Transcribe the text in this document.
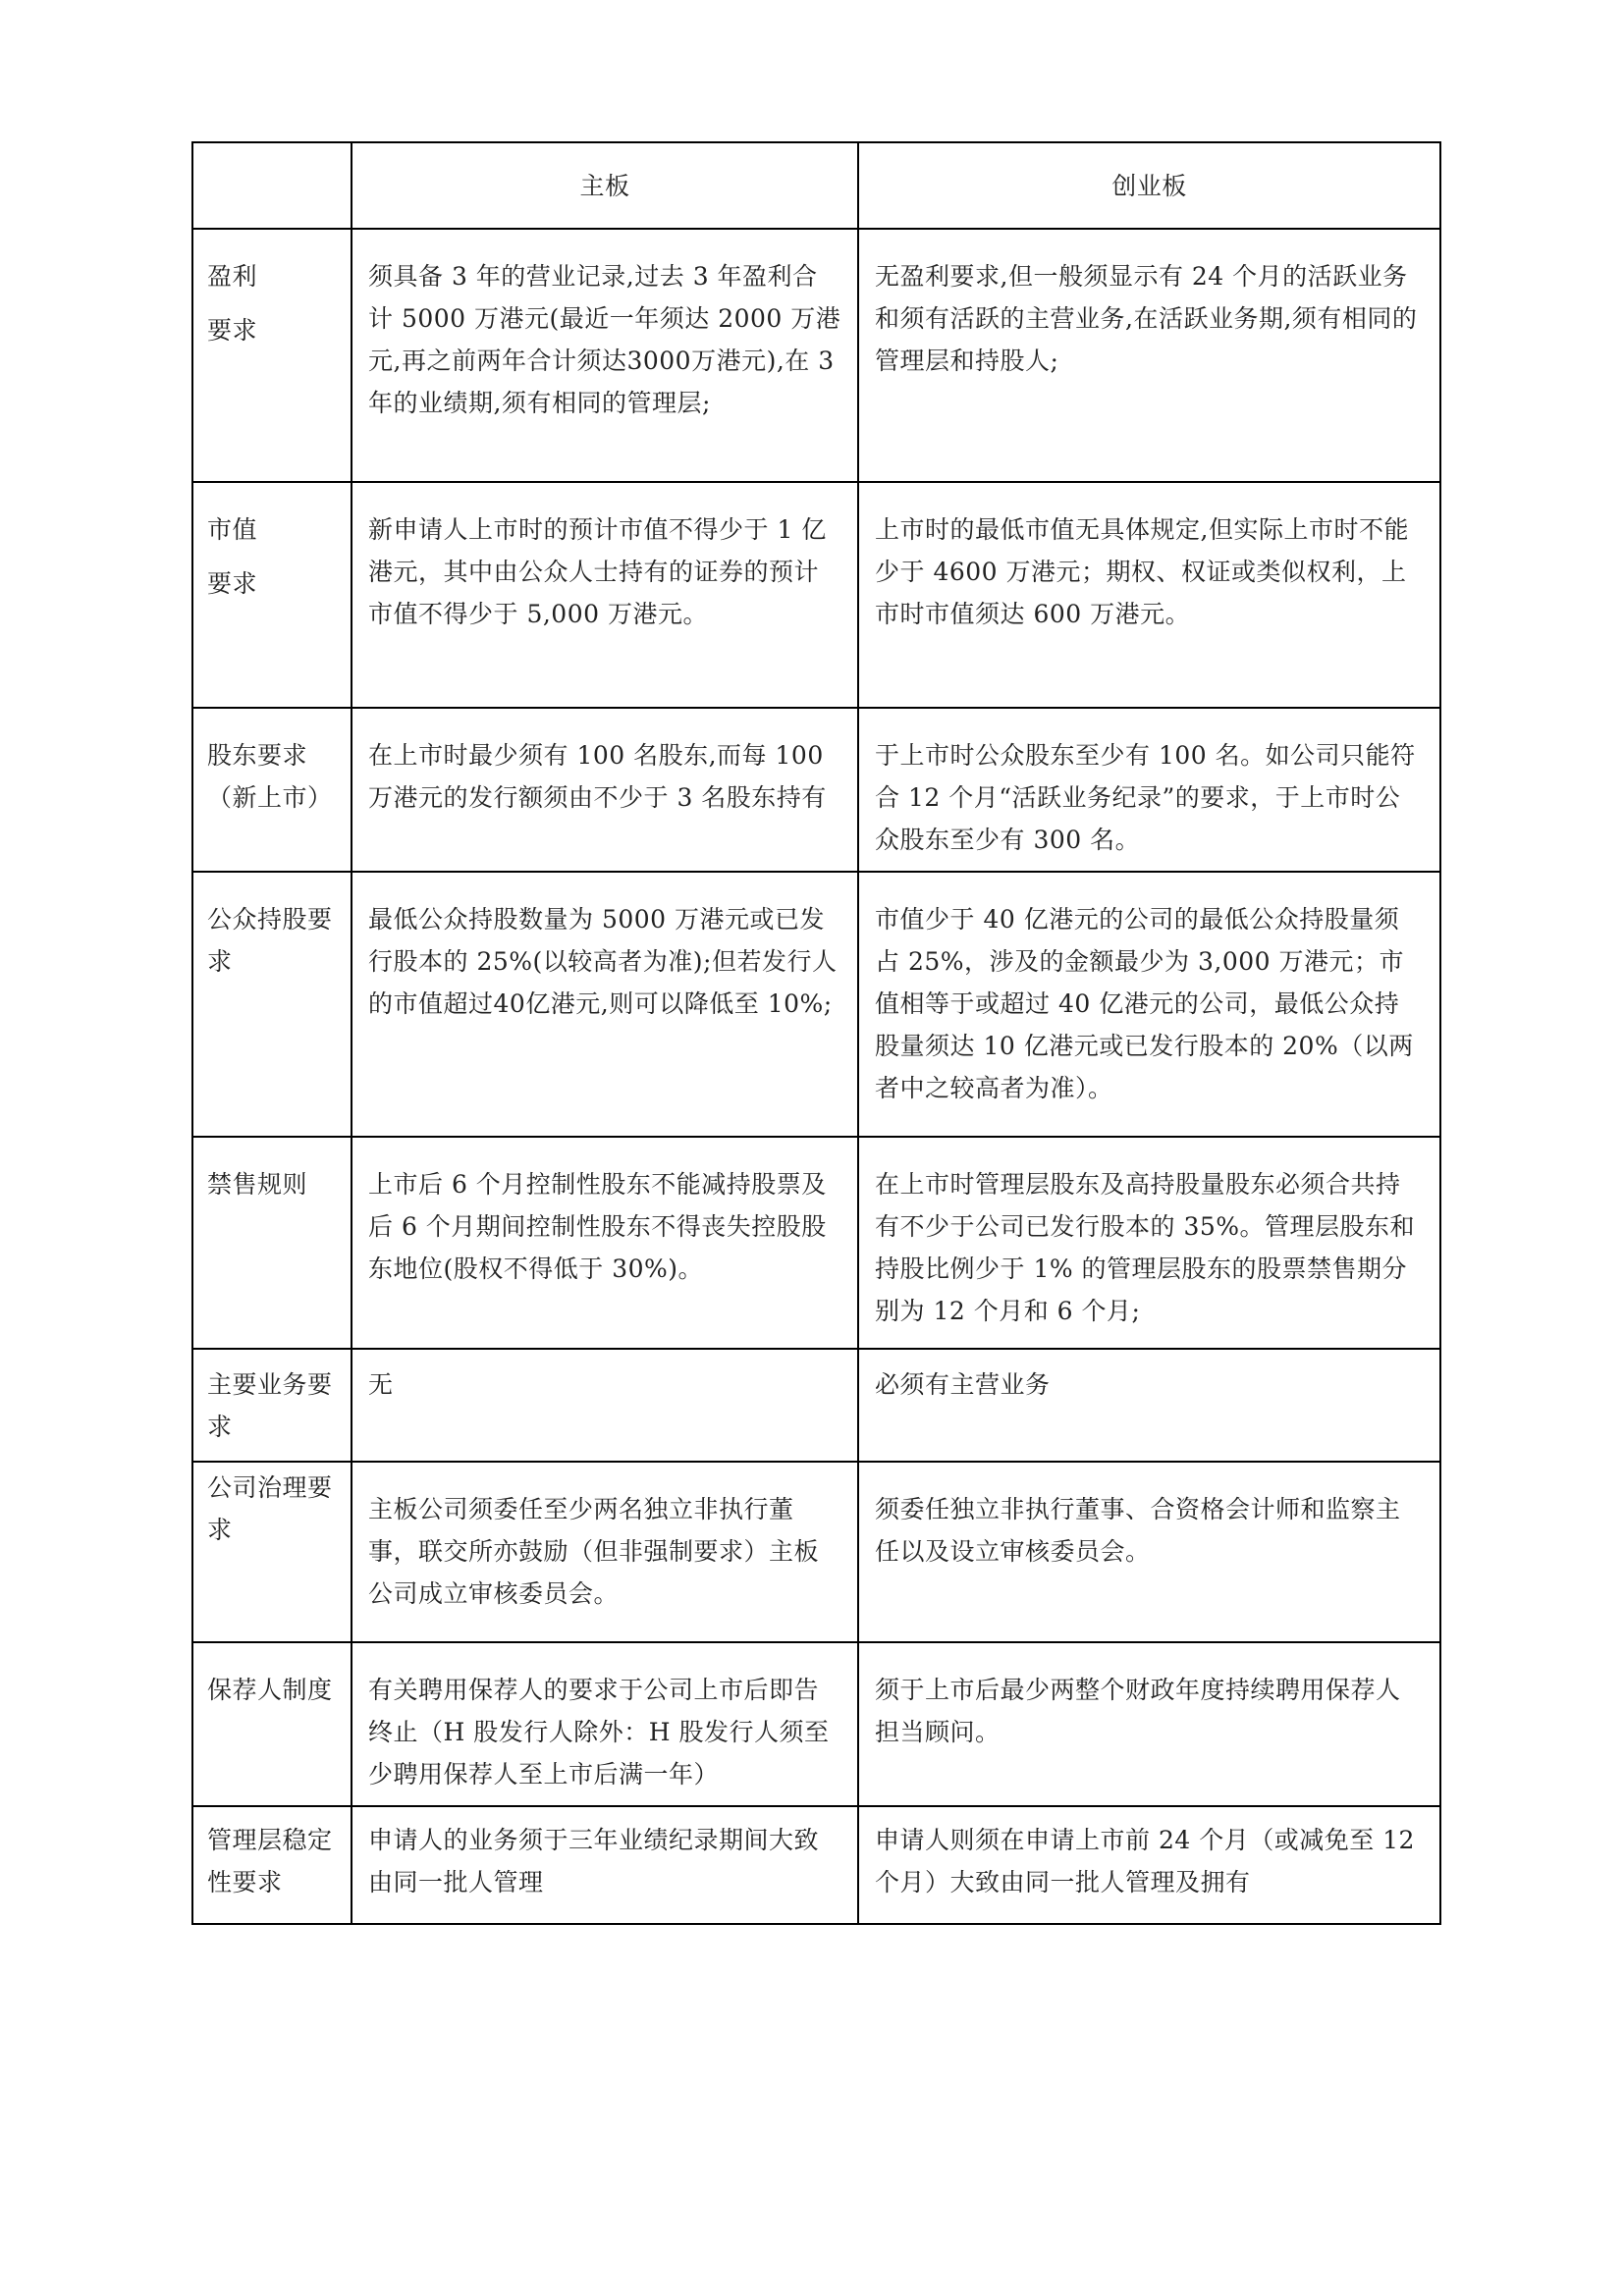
	主板	创业板

盈利
要求	须具备 3 年的营业记录,过去 3 年盈利合计 5000 万港元(最近一年须达 2000 万港元,再之前两年合计须达3000万港元),在 3 年的业绩期,须有相同的管理层;	无盈利要求,但一般须显示有 24 个月的活跃业务和须有活跃的主营业务,在活跃业务期,须有相同的管理层和持股人;

市值
要求	新申请人上市时的预计市值不得少于 1 亿港元，其中由公众人士持有的证券的预计市值不得少于 5,000 万港元。	上市时的最低市值无具体规定,但实际上市时不能少于 4600 万港元；期权、权证或类似权利，上市时市值须达 600 万港元。
股东要求（新上市）	在上市时最少须有 100 名股东,而每 100 万港元的发行额须由不少于 3 名股东持有	于上市时公众股东至少有 100 名。如公司只能符合 12 个月“活跃业务纪录”的要求，于上市时公众股东至少有 300 名。
公众持股要求	最低公众持股数量为 5000 万港元或已发行股本的 25%(以较高者为准);但若发行人的市值超过40亿港元,则可以降低至 10%;	市值少于 40 亿港元的公司的最低公众持股量须占 25%，涉及的金额最少为 3,000 万港元；市值相等于或超过 40 亿港元的公司，最低公众持股量须达 10 亿港元或已发行股本的 20%（以两者中之较高者为准）。
禁售规则	上市后 6 个月控制性股东不能减持股票及后 6 个月期间控制性股东不得丧失控股股东地位(股权不得低于 30%)。	在上市时管理层股东及高持股量股东必须合共持有不少于公司已发行股本的 35%。管理层股东和持股比例少于 1% 的管理层股东的股票禁售期分别为 12 个月和 6 个月;
主要业务要求	无	必须有主营业务
公司治理要求	主板公司须委任至少两名独立非执行董事，联交所亦鼓励（但非强制要求）主板公司成立审核委员会。	须委任独立非执行董事、合资格会计师和监察主任以及设立审核委员会。
保荐人制度	有关聘用保荐人的要求于公司上市后即告终止（H 股发行人除外：H 股发行人须至少聘用保荐人至上市后满一年）	须于上市后最少两整个财政年度持续聘用保荐人担当顾问。
管理层稳定性要求	申请人的业务须于三年业绩纪录期间大致由同一批人管理	申请人则须在申请上市前 24 个月（或减免至 12 个月）大致由同一批人管理及拥有
